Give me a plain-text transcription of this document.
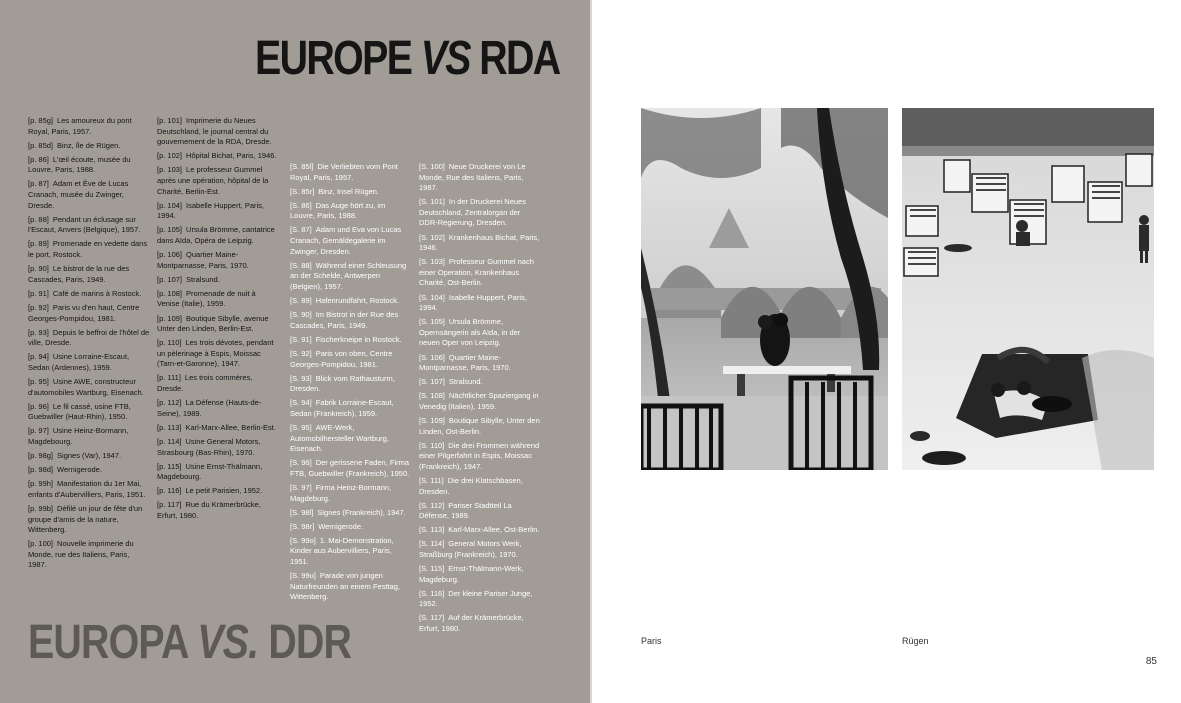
EUROPE VS RDA
[p. 85g] Les amoureux du pont Royal, Paris, 1957.
[p. 85d] Binz, île de Rügen.
[p. 86] L'œil écoute, musée du Louvre, Paris, 1988.
[p. 87] Adam et Ève de Lucas Cranach, musée du Zwinger, Dresde.
[p. 88] Pendant un éclusage sur l'Escaut, Anvers (Belgique), 1957.
[p. 89] Promenade en vedette dans le port, Rostock.
[p. 90] Le bistrot de la rue des Cascades, Paris, 1949.
[p. 91] Café de marins à Rostock.
[p. 92] Paris vu d'en haut, Centre Georges-Pompidou, 1981.
[p. 93] Depuis le beffroi de l'hôtel de ville, Dresde.
[p. 94] Usine Lorraine-Escaut, Sedan (Ardennes), 1959.
[p. 95] Usine AWE, constructeur d'automobiles Wartburg, Eisenach.
[p. 96] Le fil cassé, usine FTB, Guebwiller (Haut-Rhin), 1950.
[p. 97] Usine Heinz-Bormann, Magdebourg.
[p. 98g] Signes (Var), 1947.
[p. 98d] Wernigerode.
[p. 99h] Manifestation du 1er Mai, enfants d'Aubervilliers, Paris, 1951.
[p. 99b] Défilé un jour de fête d'un groupe d'amis de la nature, Wittenberg.
[p. 100] Nouvelle imprimerie du Monde, rue des Italiens, Paris, 1987.
[p. 101] Imprimerie du Neues Deutschland, le journal central du gouvernement de la RDA, Dresde.
[p. 102] Hôpital Bichat, Paris, 1946.
[p. 103] Le professeur Gummel après une opération, hôpital de la Charité, Berlin-Est.
[p. 104] Isabelle Huppert, Paris, 1994.
[p. 105] Ursula Brömme, cantatrice dans Aïda, Opéra de Leipzig.
[p. 106] Quartier Maine-Montparnasse, Paris, 1970.
[p. 107] Stralsund.
[p. 108] Promenade de nuit à Venise (Italie), 1959.
[p. 109] Boutique Sibylle, avenue Unter den Linden, Berlin-Est.
[p. 110] Les trois dévotes, pendant un pèlerinage à Espis, Moissac (Tarn-et-Garonne), 1947.
[p. 111] Les trois commères, Dresde.
[p. 112] La Défense (Hauts-de-Seine), 1989.
[p. 113] Karl-Marx-Allee, Berlin-Est.
[p. 114] Usine General Motors, Strasbourg (Bas-Rhin), 1970.
[p. 115] Usine Ernst-Thälmann, Magdebourg.
[p. 116] Le petit Parisien, 1952.
[p. 117] Rue du Krämerbrücke, Erfurt, 1980.
[S. 85l] Die Verliebten vom Pont Royal, Paris, 1957.
[S. 85r] Binz, Insel Rügen.
[S. 86] Das Auge hört zu, im Louvre, Paris, 1988.
[S. 87] Adam und Eva von Lucas Cranach, Gemäldegalerie im Zwinger, Dresden.
[S. 88] Während einer Schleusung an der Schelde, Antwerpen (Belgien), 1957.
[S. 89] Hafenrundfahrt, Rostock.
[S. 90] Im Bistrot in der Rue des Cascades, Paris, 1949.
[S. 91] Fischerkneipe in Rostock.
[S. 92] Paris von oben, Centre Georges-Pompidou, 1981.
[S. 93] Blick vom Rathausturm, Dresden.
[S. 94] Fabrik Lorraine-Escaut, Sedan (Frankreich), 1959.
[S. 95] AWE-Werk, Automobilhersteller Wartburg, Eisenach.
[S. 96] Der gerissene Faden, Firma FTB, Guebwiller (Frankreich), 1950.
[S. 97] Firma Heinz-Bormann, Magdeburg.
[S. 98l] Signes (Frankreich), 1947.
[S. 98r] Wernigerode.
[S. 99o] 1. Mai-Demonstration, Kinder aus Aubervilliers, Paris, 1951.
[S. 99u] Parade von jungen Naturfreunden an einem Festtag, Wittenberg.
[S. 100] Neue Druckerei von Le Monde, Rue des Italiens, Paris, 1987.
[S. 101] In der Druckerei Neues Deutschland, Zentralorgan der DDR-Regierung, Dresden.
[S. 102] Krankenhaus Bichat, Paris, 1946.
[S. 103] Professeur Gummel nach einer Operation, Krankenhaus Charité, Ost-Berlin.
[S. 104] Isabelle Huppert, Paris, 1994.
[S. 105] Ursula Brömme, Opernsängerin als Aïda, in der neuen Oper von Leipzig.
[S. 106] Quartier Maine-Montparnasse, Paris, 1970.
[S. 107] Stralsund.
[S. 108] Nächtlicher Spaziergang in Venedig (Italien), 1959.
[S. 109] Boutique Sibylle, Unter den Linden, Ost-Berlin.
[S. 110] Die drei Frommen während einer Pilgerfahrt in Espis, Moissac (Frankreich), 1947.
[S. 111] Die drei Klatschbasen, Dresden.
[S. 112] Pariser Stadtteil La Défense, 1989.
[S. 113] Karl-Marx-Allee, Ost-Berlin.
[S. 114] General Motors Werk, Straßburg (Frankreich), 1970.
[S. 115] Ernst-Thälmann-Werk, Magdeburg.
[S. 116] Der kleine Pariser Junge, 1952.
[S. 117] Auf der Krämerbrücke, Erfurt, 1980.
EUROPA VS. DDR	Paris	Rügen

85
